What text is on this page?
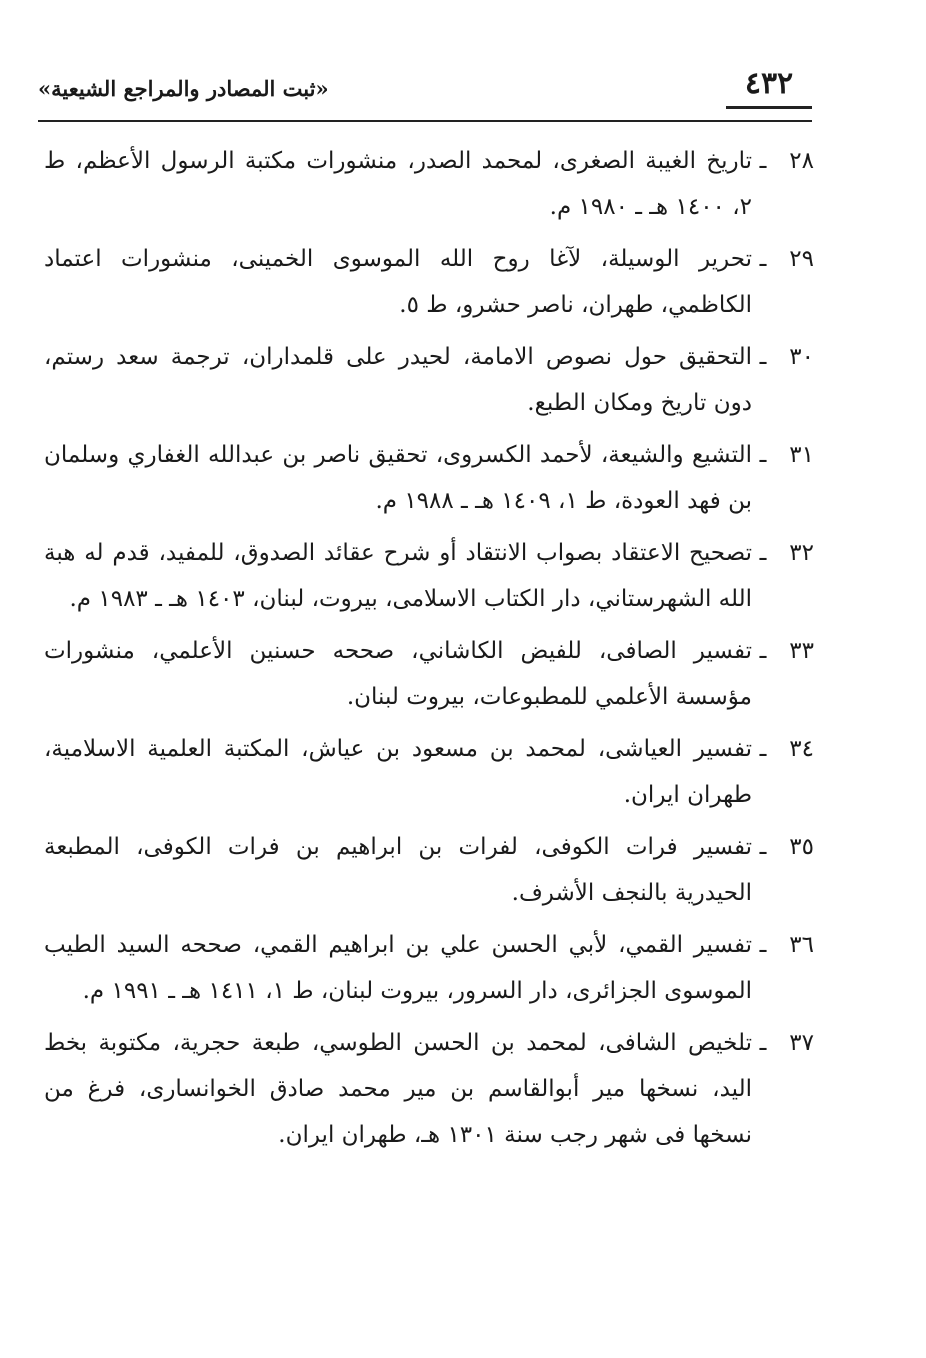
٤٣٢
«ثبت المصادر والمراجع الشيعية»
٢٨
ـ
تاريخ الغيبة الصغرى، لمحمد الصدر، منشورات مكتبة الرسول الأعظم، ط ٢، ١٤٠٠ هـ ـ ١٩٨٠ م.
٢٩
ـ
تحرير الوسيلة، لآغا روح الله الموسوى الخمينى، منشورات اعتماد الكاظمي، طهران، ناصر حشرو، ط ٥.
٣٠
ـ
التحقيق حول نصوص الامامة، لحيدر على قلمداران، ترجمة سعد رستم، دون تاريخ ومكان الطبع.
٣١
ـ
التشيع والشيعة، لأحمد الكسروى، تحقيق ناصر بن عبدالله الغفاري وسلمان بن فهد العودة، ط ١، ١٤٠٩ هـ ـ ١٩٨٨ م.
٣٢
ـ
تصحيح الاعتقاد بصواب الانتقاد أو شرح عقائد الصدوق، للمفيد، قدم له هبة الله الشهرستاني، دار الكتاب الاسلامى، بيروت، لبنان، ١٤٠٣ هـ ـ ١٩٨٣ م.
٣٣
ـ
تفسير الصافى، للفيض الكاشاني، صححه حسنين الأعلمي، منشورات مؤسسة الأعلمي للمطبوعات، بيروت لبنان.
٣٤
ـ
تفسير العياشى، لمحمد بن مسعود بن عياش، المكتبة العلمية الاسلامية، طهران ايران.
٣٥
ـ
تفسير فرات الكوفى، لفرات بن ابراهيم بن فرات الكوفى، المطبعة الحيدرية بالنجف الأشرف.
٣٦
ـ
تفسير القمي، لأبي الحسن علي بن ابراهيم القمي، صححه السيد الطيب الموسوى الجزائرى، دار السرور، بيروت لبنان، ط ١، ١٤١١ هـ ـ ١٩٩١ م.
٣٧
ـ
تلخيص الشافى، لمحمد بن الحسن الطوسي، طبعة حجرية، مكتوبة بخط اليد، نسخها مير أبوالقاسم بن مير محمد صادق الخوانسارى، فرغ من نسخها فى شهر رجب سنة ١٣٠١ هـ، طهران ايران.
